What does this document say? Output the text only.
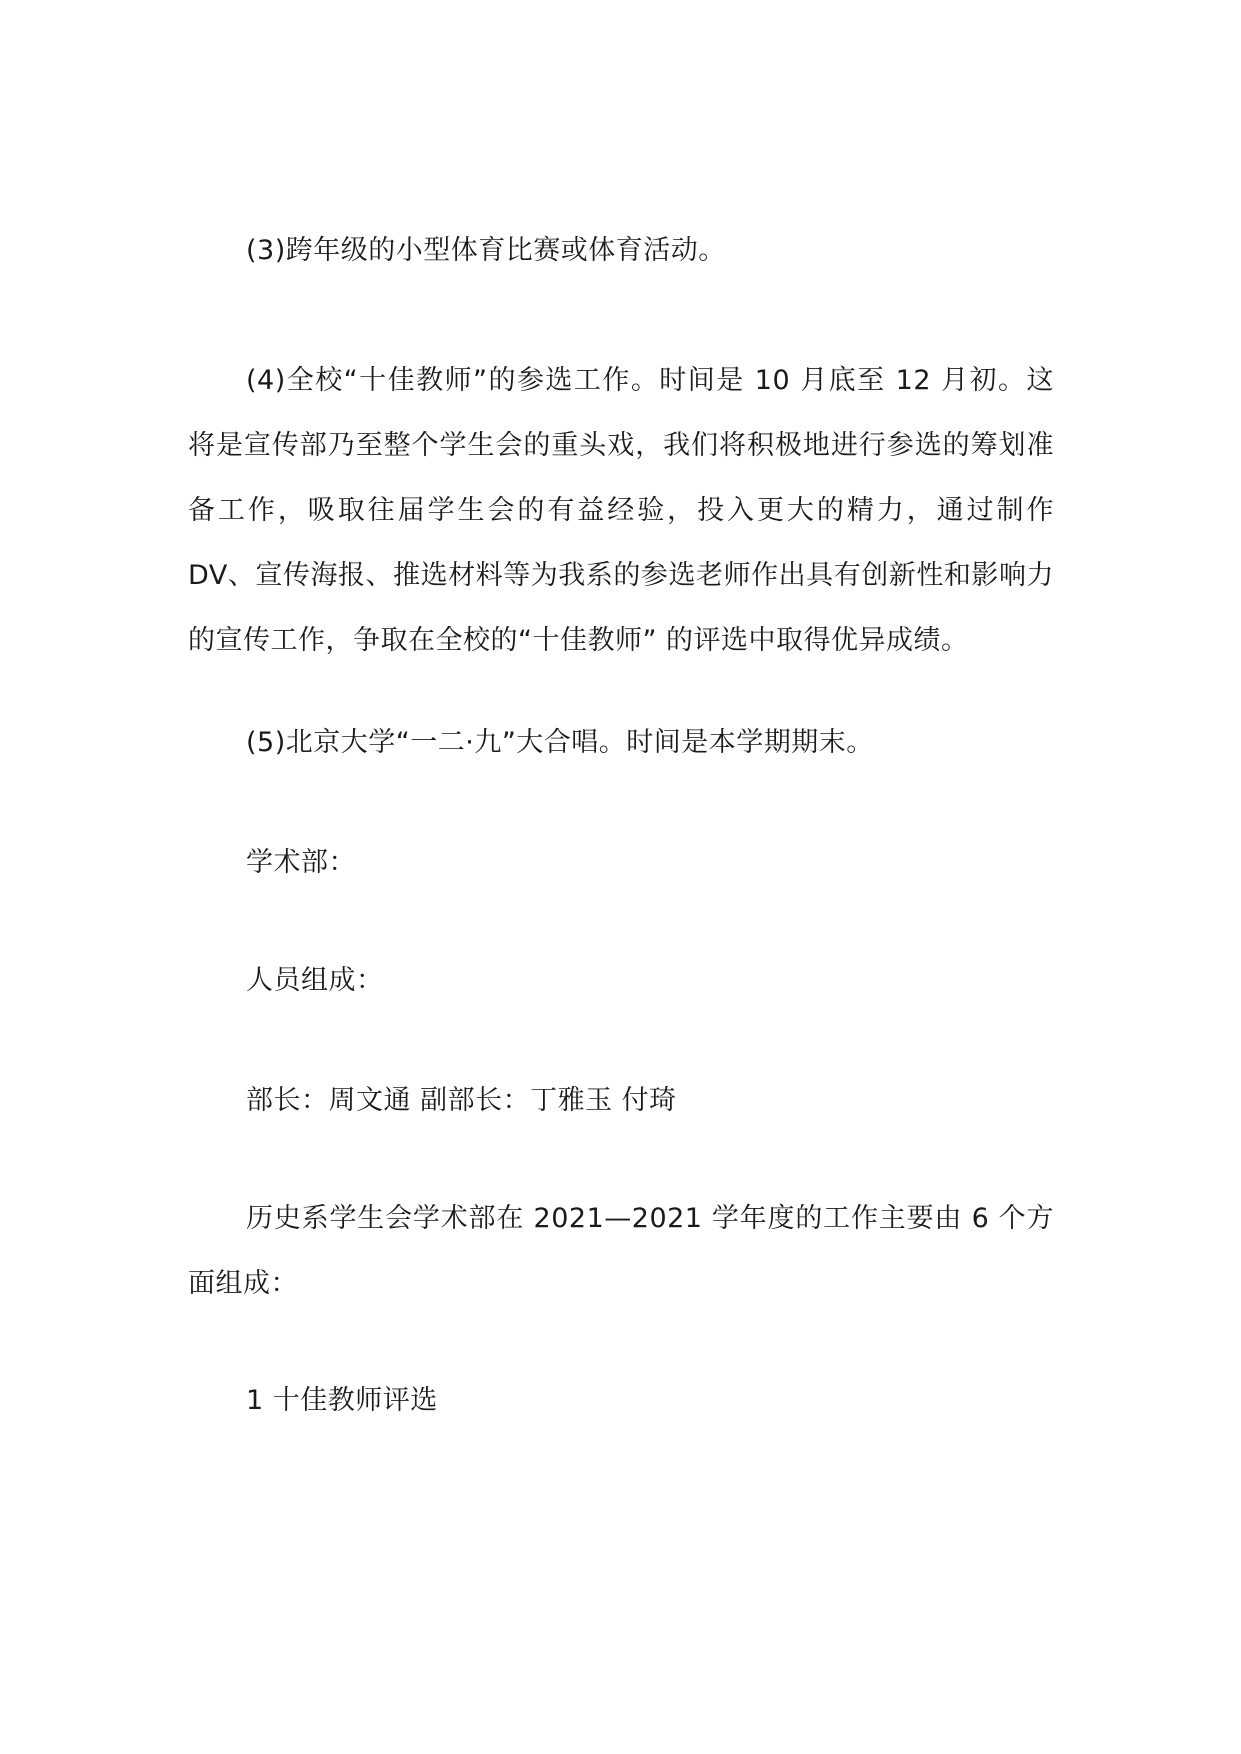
(3)跨年级的小型体育比赛或体育活动。

(4)全校“十佳教师”的参选工作。时间是 10 月底至 12 月初。这将是宣传部乃至整个学生会的重头戏，我们将积极地进行参选的筹划准备工作，吸取往届学生会的有益经验，投入更大的精力，通过制作 DV、宣传海报、推选材料等为我系的参选老师作出具有创新性和影响力的宣传工作，争取在全校的“十佳教师” 的评选中取得优异成绩。

(5)北京大学“一二·九”大合唱。时间是本学期期末。

学术部：

人员组成：

部长：周文通 副部长：丁雅玉 付琦

历史系学生会学术部在 2021—2021 学年度的工作主要由 6 个方面组成：

1 十佳教师评选
